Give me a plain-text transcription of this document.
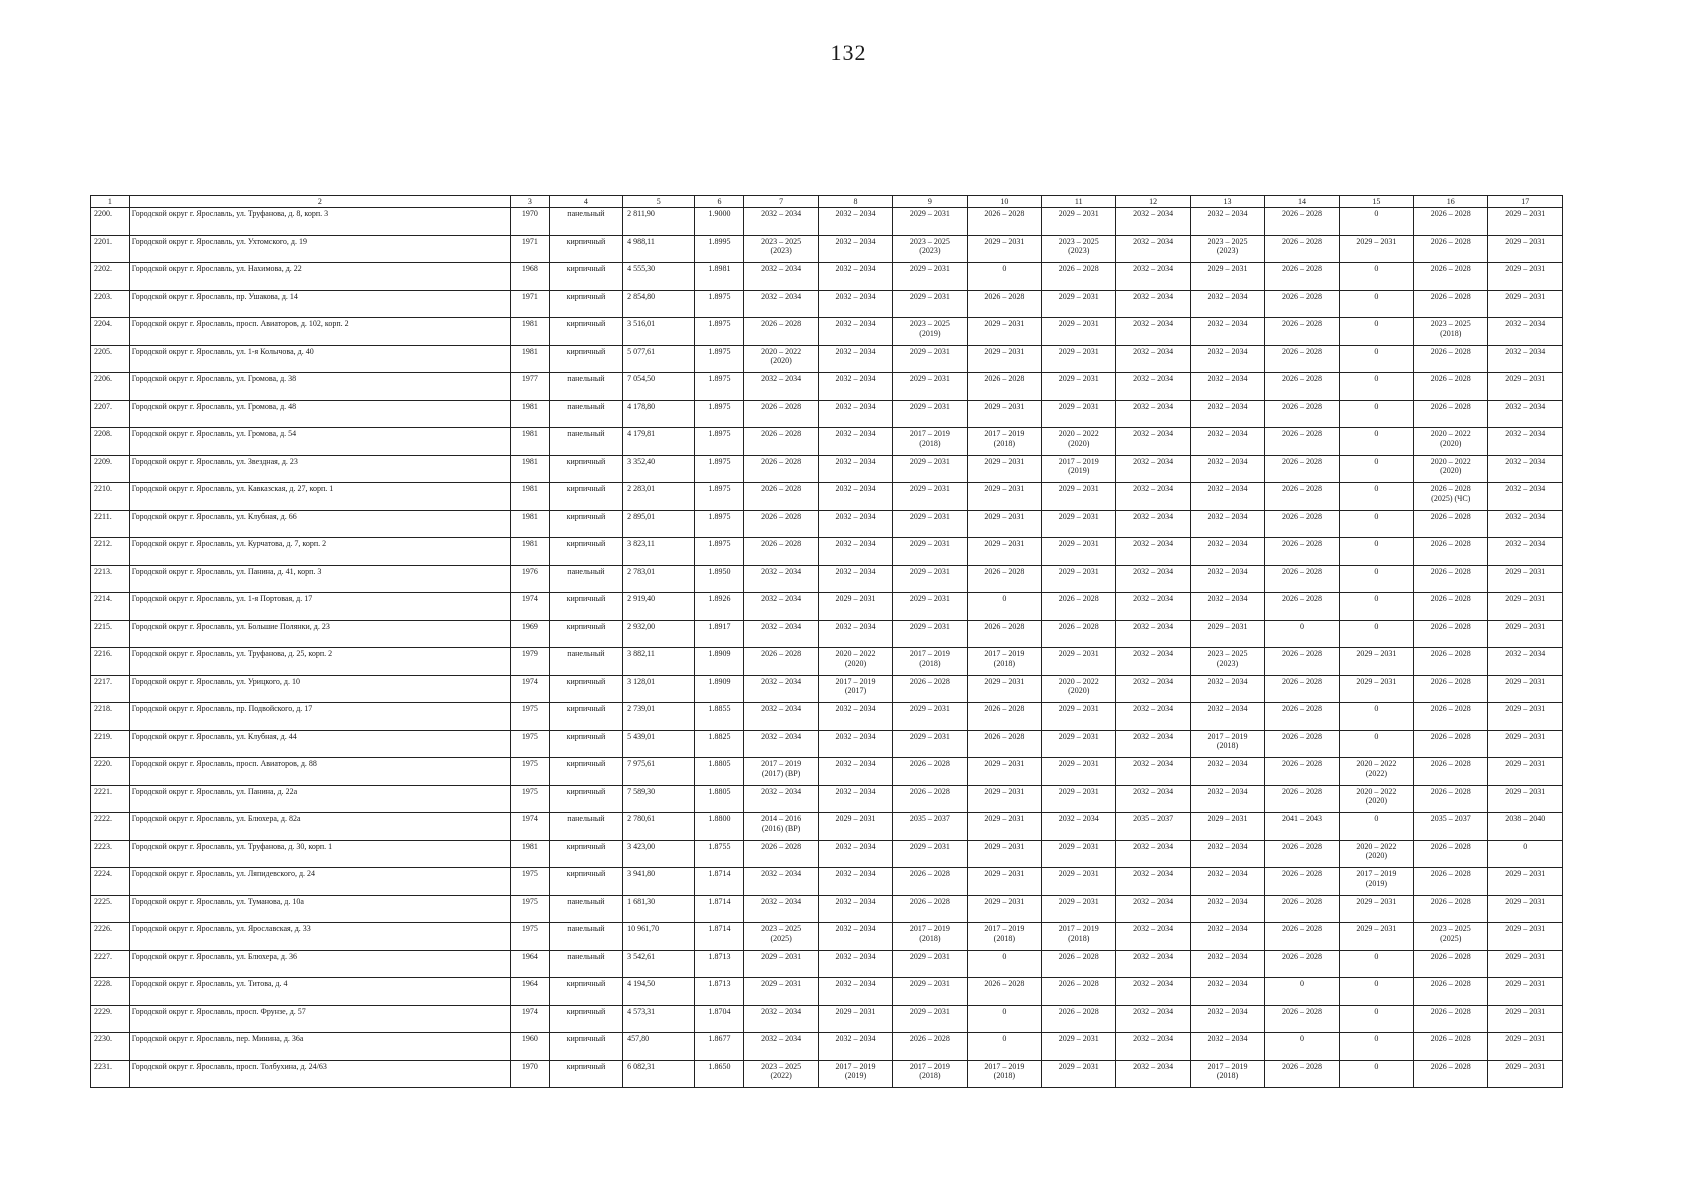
132
1	2	3	4	5	6	7	8	9	10	11	12	13	14	15	16	17
2200.	Городской округ г. Ярославль, ул. Труфанова, д. 8, корп. 3	1970	панельный	2 811,90	1.9000	2032 – 2034	2032 – 2034	2029 – 2031	2026 – 2028	2029 – 2031	2032 – 2034	2032 – 2034	2026 – 2028	0	2026 – 2028	2029 – 2031

2201.	Городской округ г. Ярославль, ул. Ухтомского, д. 19	1971	кирпичный	4 988,11	1.8995	2023 – 2025
(2023)	2032 – 2034	2023 – 2025
(2023)	2029 – 2031	2023 – 2025
(2023)	2032 – 2034	2023 – 2025
(2023)	2026 – 2028	2029 – 2031	2026 – 2028	2029 – 2031

2202.	Городской округ г. Ярославль, ул. Нахимова, д. 22	1968	кирпичный	4 555,30	1.8981	2032 – 2034	2032 – 2034	2029 – 2031	0	2026 – 2028	2032 – 2034	2029 – 2031	2026 – 2028	0	2026 – 2028	2029 – 2031

2203.	Городской округ г. Ярославль, пр. Ушакова, д. 14	1971	кирпичный	2 854,80	1.8975	2032 – 2034	2032 – 2034	2029 – 2031	2026 – 2028	2029 – 2031	2032 – 2034	2032 – 2034	2026 – 2028	0	2026 – 2028	2029 – 2031

2204.	Городской округ г. Ярославль, просп. Авиаторов, д. 102, корп. 2	1981	кирпичный	3 516,01	1.8975	2026 – 2028	2032 – 2034	2023 – 2025
(2019)	2029 – 2031	2029 – 2031	2032 – 2034	2032 – 2034	2026 – 2028	0	2023 – 2025
(2018)	2032 – 2034

2205.	Городской округ г. Ярославль, ул. 1-я Колычова, д. 40	1981	кирпичный	5 077,61	1.8975	2020 – 2022
(2020)	2032 – 2034	2029 – 2031	2029 – 2031	2029 – 2031	2032 – 2034	2032 – 2034	2026 – 2028	0	2026 – 2028	2032 – 2034

2206.	Городской округ г. Ярославль, ул. Громова, д. 38	1977	панельный	7 054,50	1.8975	2032 – 2034	2032 – 2034	2029 – 2031	2026 – 2028	2029 – 2031	2032 – 2034	2032 – 2034	2026 – 2028	0	2026 – 2028	2029 – 2031

2207.	Городской округ г. Ярославль, ул. Громова, д. 48	1981	панельный	4 178,80	1.8975	2026 – 2028	2032 – 2034	2029 – 2031	2029 – 2031	2029 – 2031	2032 – 2034	2032 – 2034	2026 – 2028	0	2026 – 2028	2032 – 2034

2208.	Городской округ г. Ярославль, ул. Громова, д. 54	1981	панельный	4 179,81	1.8975	2026 – 2028	2032 – 2034	2017 – 2019
(2018)	2017 – 2019
(2018)	2020 – 2022
(2020)	2032 – 2034	2032 – 2034	2026 – 2028	0	2020 – 2022
(2020)	2032 – 2034

2209.	Городской округ г. Ярославль, ул. Звездная, д. 23	1981	кирпичный	3 352,40	1.8975	2026 – 2028	2032 – 2034	2029 – 2031	2029 – 2031	2017 – 2019
(2019)	2032 – 2034	2032 – 2034	2026 – 2028	0	2020 – 2022
(2020)	2032 – 2034

2210.	Городской округ г. Ярославль, ул. Кавказская, д. 27, корп. 1	1981	кирпичный	2 283,01	1.8975	2026 – 2028	2032 – 2034	2029 – 2031	2029 – 2031	2029 – 2031	2032 – 2034	2032 – 2034	2026 – 2028	0	2026 – 2028
(2025) (ЧС)	2032 – 2034

2211.	Городской округ г. Ярославль, ул. Клубная, д. 66	1981	кирпичный	2 895,01	1.8975	2026 – 2028	2032 – 2034	2029 – 2031	2029 – 2031	2029 – 2031	2032 – 2034	2032 – 2034	2026 – 2028	0	2026 – 2028	2032 – 2034

2212.	Городской округ г. Ярославль, ул. Курчатова, д. 7, корп. 2	1981	кирпичный	3 823,11	1.8975	2026 – 2028	2032 – 2034	2029 – 2031	2029 – 2031	2029 – 2031	2032 – 2034	2032 – 2034	2026 – 2028	0	2026 – 2028	2032 – 2034

2213.	Городской округ г. Ярославль, ул. Панина, д. 41, корп. 3	1976	панельный	2 783,01	1.8950	2032 – 2034	2032 – 2034	2029 – 2031	2026 – 2028	2029 – 2031	2032 – 2034	2032 – 2034	2026 – 2028	0	2026 – 2028	2029 – 2031

2214.	Городской округ г. Ярославль, ул. 1-я Портовая, д. 17	1974	кирпичный	2 919,40	1.8926	2032 – 2034	2029 – 2031	2029 – 2031	0	2026 – 2028	2032 – 2034	2032 – 2034	2026 – 2028	0	2026 – 2028	2029 – 2031

2215.	Городской округ г. Ярославль, ул. Большие Полянки, д. 23	1969	кирпичный	2 932,00	1.8917	2032 – 2034	2032 – 2034	2029 – 2031	2026 – 2028	2026 – 2028	2032 – 2034	2029 – 2031	0	0	2026 – 2028	2029 – 2031

2216.	Городской округ г. Ярославль, ул. Труфанова, д. 25, корп. 2	1979	панельный	3 882,11	1.8909	2026 – 2028	2020 – 2022
(2020)	2017 – 2019
(2018)	2017 – 2019
(2018)	2029 – 2031	2032 – 2034	2023 – 2025
(2023)	2026 – 2028	2029 – 2031	2026 – 2028	2032 – 2034

2217.	Городской округ г. Ярославль, ул. Урицкого, д. 10	1974	кирпичный	3 128,01	1.8909	2032 – 2034	2017 – 2019
(2017)	2026 – 2028	2029 – 2031	2020 – 2022
(2020)	2032 – 2034	2032 – 2034	2026 – 2028	2029 – 2031	2026 – 2028	2029 – 2031

2218.	Городской округ г. Ярославль, пр. Подвойского, д. 17	1975	кирпичный	2 739,01	1.8855	2032 – 2034	2032 – 2034	2029 – 2031	2026 – 2028	2029 – 2031	2032 – 2034	2032 – 2034	2026 – 2028	0	2026 – 2028	2029 – 2031

2219.	Городской округ г. Ярославль, ул. Клубная, д. 44	1975	кирпичный	5 439,01	1.8825	2032 – 2034	2032 – 2034	2029 – 2031	2026 – 2028	2029 – 2031	2032 – 2034	2017 – 2019
(2018)	2026 – 2028	0	2026 – 2028	2029 – 2031

2220.	Городской округ г. Ярославль, просп. Авиаторов, д. 88	1975	кирпичный	7 975,61	1.8805	2017 – 2019
(2017) (ВР)	2032 – 2034	2026 – 2028	2029 – 2031	2029 – 2031	2032 – 2034	2032 – 2034	2026 – 2028	2020 – 2022
(2022)	2026 – 2028	2029 – 2031

2221.	Городской округ г. Ярославль, ул. Панина, д. 22а	1975	кирпичный	7 589,30	1.8805	2032 – 2034	2032 – 2034	2026 – 2028	2029 – 2031	2029 – 2031	2032 – 2034	2032 – 2034	2026 – 2028	2020 – 2022
(2020)	2026 – 2028	2029 – 2031

2222.	Городской округ г. Ярославль, ул. Блюхера, д. 82а	1974	панельный	2 780,61	1.8800	2014 – 2016
(2016) (ВР)	2029 – 2031	2035 – 2037	2029 – 2031	2032 – 2034	2035 – 2037	2029 – 2031	2041 – 2043	0	2035 – 2037	2038 – 2040

2223.	Городской округ г. Ярославль, ул. Труфанова, д. 30, корп. 1	1981	кирпичный	3 423,00	1.8755	2026 – 2028	2032 – 2034	2029 – 2031	2029 – 2031	2029 – 2031	2032 – 2034	2032 – 2034	2026 – 2028	2020 – 2022
(2020)	2026 – 2028	0

2224.	Городской округ г. Ярославль, ул. Ляпидевского, д. 24	1975	кирпичный	3 941,80	1.8714	2032 – 2034	2032 – 2034	2026 – 2028	2029 – 2031	2029 – 2031	2032 – 2034	2032 – 2034	2026 – 2028	2017 – 2019
(2019)	2026 – 2028	2029 – 2031

2225.	Городской округ г. Ярославль, ул. Туманова, д. 10а	1975	панельный	1 681,30	1.8714	2032 – 2034	2032 – 2034	2026 – 2028	2029 – 2031	2029 – 2031	2032 – 2034	2032 – 2034	2026 – 2028	2029 – 2031	2026 – 2028	2029 – 2031

2226.	Городской округ г. Ярославль, ул. Ярославская, д. 33	1975	панельный	10 961,70	1.8714	2023 – 2025
(2025)	2032 – 2034	2017 – 2019
(2018)	2017 – 2019
(2018)	2017 – 2019
(2018)	2032 – 2034	2032 – 2034	2026 – 2028	2029 – 2031	2023 – 2025
(2025)	2029 – 2031

2227.	Городской округ г. Ярославль, ул. Блюхера, д. 36	1964	панельный	3 542,61	1.8713	2029 – 2031	2032 – 2034	2029 – 2031	0	2026 – 2028	2032 – 2034	2032 – 2034	2026 – 2028	0	2026 – 2028	2029 – 2031

2228.	Городской округ г. Ярославль, ул. Титова, д. 4	1964	кирпичный	4 194,50	1.8713	2029 – 2031	2032 – 2034	2029 – 2031	2026 – 2028	2026 – 2028	2032 – 2034	2032 – 2034	0	0	2026 – 2028	2029 – 2031

2229.	Городской округ г. Ярославль, просп. Фрунзе, д. 57	1974	кирпичный	4 573,31	1.8704	2032 – 2034	2029 – 2031	2029 – 2031	0	2026 – 2028	2032 – 2034	2032 – 2034	2026 – 2028	0	2026 – 2028	2029 – 2031

2230.	Городской округ г. Ярославль, пер. Минина, д. 36а	1960	кирпичный	457,80	1.8677	2032 – 2034	2032 – 2034	2026 – 2028	0	2029 – 2031	2032 – 2034	2032 – 2034	0	0	2026 – 2028	2029 – 2031

2231.	Городской округ г. Ярославль, просп. Толбухина, д. 24/63	1970	кирпичный	6 082,31	1.8650	2023 – 2025
(2022)	2017 – 2019
(2019)	2017 – 2019
(2018)	2017 – 2019
(2018)	2029 – 2031	2032 – 2034	2017 – 2019
(2018)	2026 – 2028	0	2026 – 2028	2029 – 2031
